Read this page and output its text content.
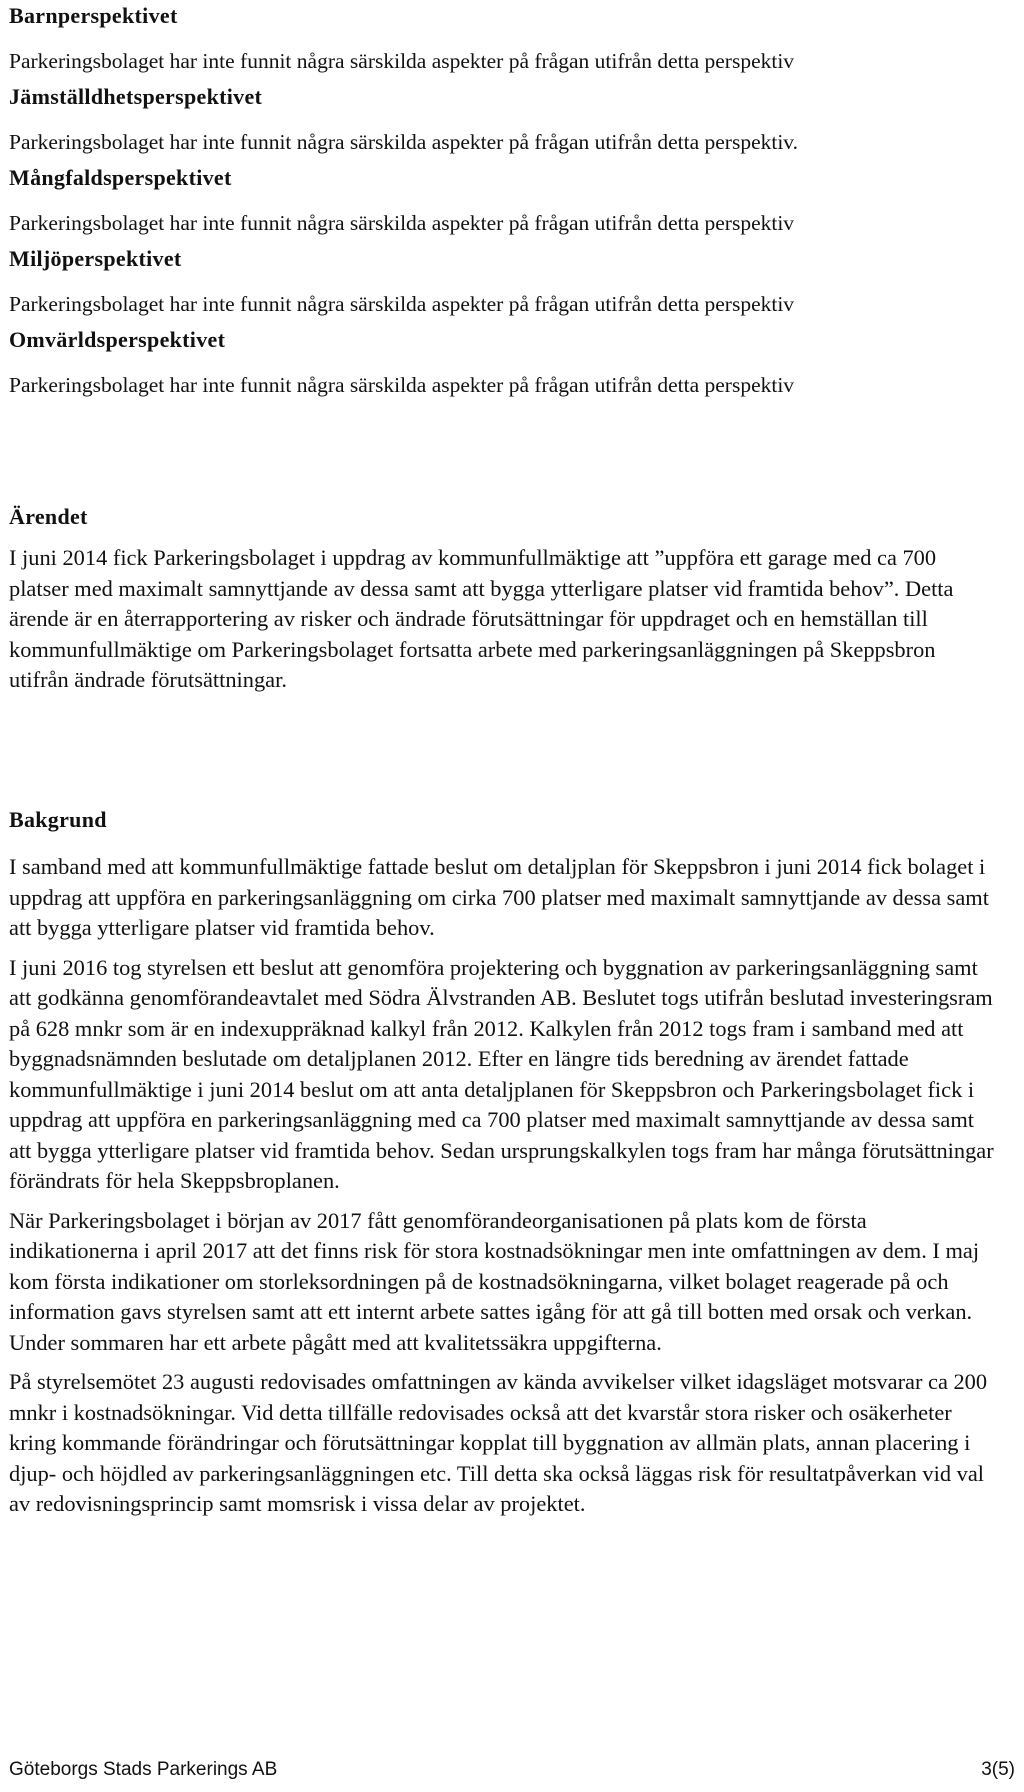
Barnperspektivet

Parkeringsbolaget har inte funnit några särskilda aspekter på frågan utifrån detta perspektiv

Jämställdhetsperspektivet

Parkeringsbolaget har inte funnit några särskilda aspekter på frågan utifrån detta perspektiv.

Mångfaldsperspektivet

Parkeringsbolaget har inte funnit några särskilda aspekter på frågan utifrån detta perspektiv

Miljöperspektivet

Parkeringsbolaget har inte funnit några särskilda aspekter på frågan utifrån detta perspektiv

Omvärldsperspektivet

Parkeringsbolaget har inte funnit några särskilda aspekter på frågan utifrån detta perspektiv

Ärendet

I juni 2014 fick Parkeringsbolaget i uppdrag av kommunfullmäktige att ”uppföra ett garage med ca 700 platser med maximalt samnyttjande av dessa samt att bygga ytterligare platser vid framtida behov”. Detta ärende är en återrapportering av risker och ändrade förutsättningar för uppdraget och en hemställan till kommunfullmäktige om Parkeringsbolaget fortsatta arbete med parkeringsanläggningen på Skeppsbron utifrån ändrade förutsättningar.

Bakgrund

I samband med att kommunfullmäktige fattade beslut om detaljplan för Skeppsbron i juni 2014 fick bolaget i uppdrag att uppföra en parkeringsanläggning om cirka 700 platser med maximalt samnyttjande av dessa samt att bygga ytterligare platser vid framtida behov.

I juni 2016 tog styrelsen ett beslut att genomföra projektering och byggnation av parkeringsanläggning samt att godkänna genomförandeavtalet med Södra Älvstranden AB. Beslutet togs utifrån beslutad investeringsram på 628 mnkr som är en indexuppräknad kalkyl från 2012. Kalkylen från 2012 togs fram i samband med att byggnadsnämnden beslutade om detaljplanen 2012. Efter en längre tids beredning av ärendet fattade kommunfullmäktige i juni 2014 beslut om att anta detaljplanen för Skeppsbron och Parkeringsbolaget fick i uppdrag att uppföra en parkeringsanläggning med ca 700 platser med maximalt samnyttjande av dessa samt att bygga ytterligare platser vid framtida behov. Sedan ursprungskalkylen togs fram har många förutsättningar förändrats för hela Skeppsbroplanen.

När Parkeringsbolaget i början av 2017 fått genomförandeorganisationen på plats kom de första indikationerna i april 2017 att det finns risk för stora kostnadsökningar men inte omfattningen av dem. I maj kom första indikationer om storleksordningen på de kostnadsökningarna, vilket bolaget reagerade på och information gavs styrelsen samt att ett internt arbete sattes igång för att gå till botten med orsak och verkan. Under sommaren har ett arbete pågått med att kvalitetssäkra uppgifterna.

På styrelsemötet 23 augusti redovisades omfattningen av kända avvikelser vilket idagsläget motsvarar ca 200 mnkr i kostnadsökningar. Vid detta tillfälle redovisades också att det kvarstår stora risker och osäkerheter kring kommande förändringar och förutsättningar kopplat till byggnation av allmän plats, annan placering i djup- och höjdled av parkeringsanläggningen etc. Till detta ska också läggas risk för resultatpåverkan vid val av redovisningsprincip samt momsrisk i vissa delar av projektet.

Göteborgs Stads Parkerings AB	3(5)
